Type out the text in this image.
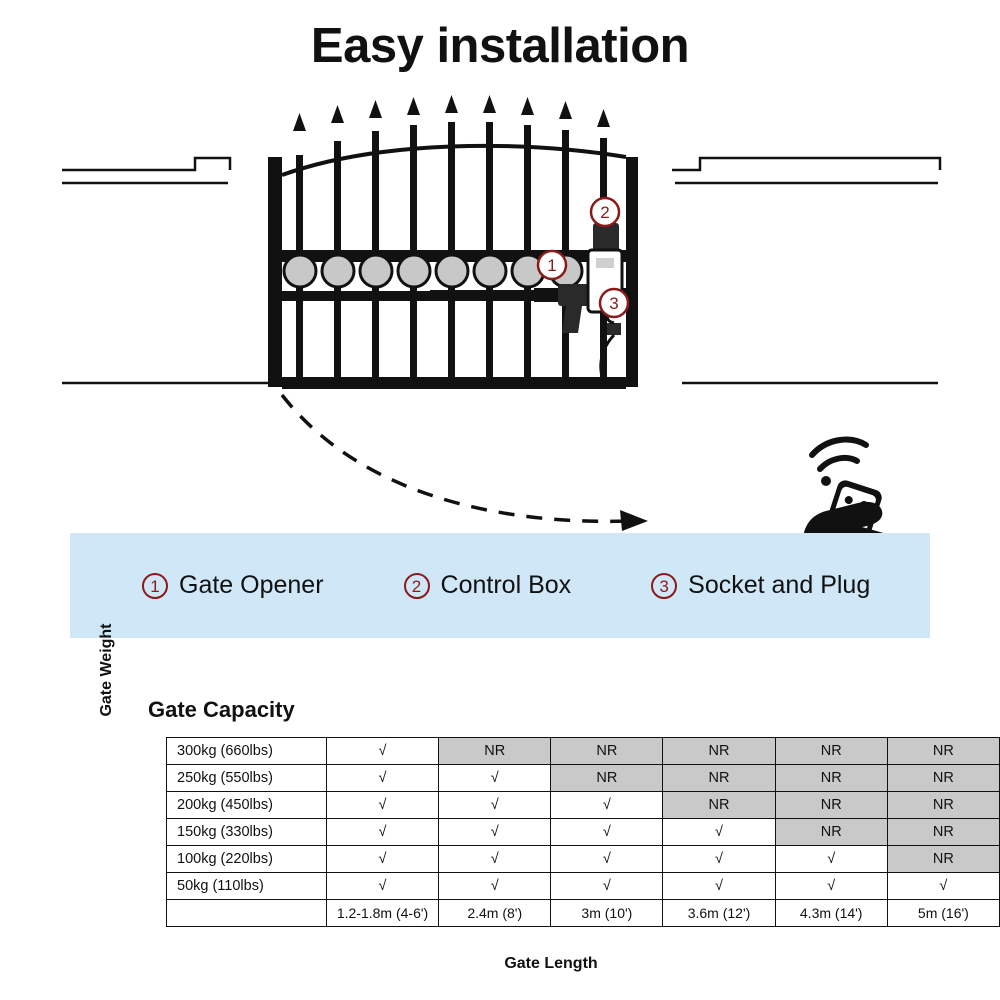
Easy installation
1
2
3
1 Gate Opener	2 Control Box	3 Socket and Plug
Gate Capacity
Gate Weight
300kg (660lbs)	√	NR	NR	NR	NR	NR
250kg (550lbs)	√	√	NR	NR	NR	NR
200kg (450lbs)	√	√	√	NR	NR	NR
150kg (330lbs)	√	√	√	√	NR	NR
100kg (220lbs)	√	√	√	√	√	NR
50kg (110lbs)	√	√	√	√	√	√
	1.2-1.8m (4-6')	2.4m (8')	3m (10')	3.6m (12')	4.3m (14')	5m (16')
Gate Length
